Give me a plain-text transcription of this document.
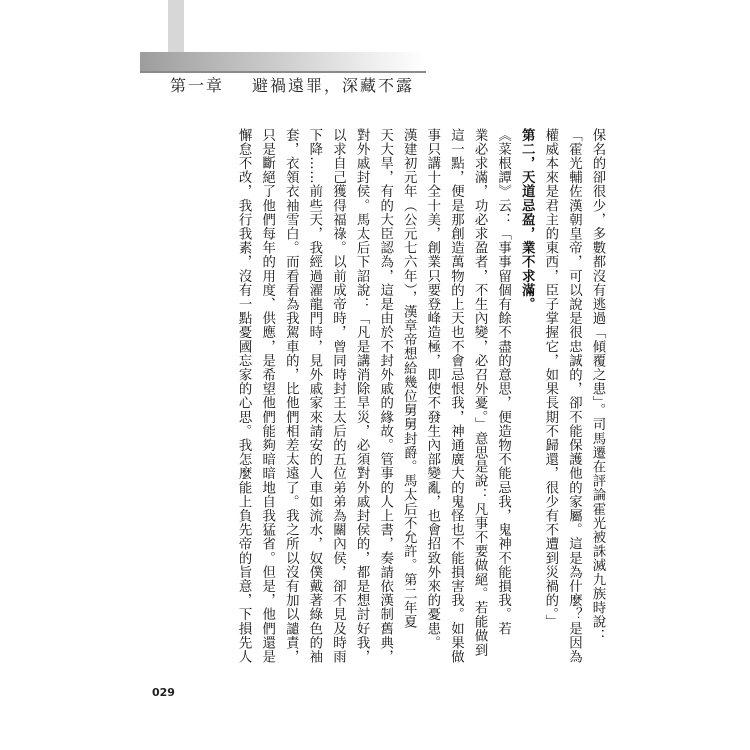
第一章 避禍遠罪，深藏不露
保名的卻很少，多數都沒有逃過「傾覆之患」。司馬遷在評論霍光被誅滅九族時說：
「霍光輔佐漢朝皇帝，可以說是很忠誠的，卻不能保護他的家屬。這是為什麼？是因為
權威本來是君主的東西，臣子掌握它，如果長期不歸還，很少有不遭到災禍的。」
第二，天道忌盈，業不求滿。
《菜根譚》云：「事事留個有餘不盡的意思，便造物不能忌我，鬼神不能損我。若
業必求滿，功必求盈者，不生內變，必召外憂。」意思是說：凡事不要做絕。若能做到
這一點，便是那創造萬物的上天也不會忌恨我，神通廣大的鬼怪也不能損害我。如果做
事只講十全十美，創業只要登峰造極，即使不發生內部變亂，也會招致外來的憂患。
漢建初元年（公元七六年），漢章帝想給幾位舅舅封爵。馬太后不允許。第二年夏
天大旱，有的大臣認為，這是由於不封外戚的緣故。管事的人上書，奏請依漢制舊典，
對外戚封侯。馬太后下詔說：「凡是講消除旱災，必須對外戚封侯的，都是想討好我，
以求自己獲得福祿。以前成帝時，曾同時封王太后的五位弟弟為關內侯，卻不見及時雨
下降……前些天，我經過濯龍門時，見外戚家來請安的人車如流水，奴僕戴著綠色的袖
套，衣領衣袖雪白。而看看為我駕車的，比他們相差太遠了。我之所以沒有加以譴責，
只是斷絕了他們每年的用度、供應，是希望他們能夠暗暗地自我猛省。但是，他們還是
懈怠不改，我行我素，沒有一點憂國忘家的心思。我怎麼能上負先帝的旨意，下損先人
029
